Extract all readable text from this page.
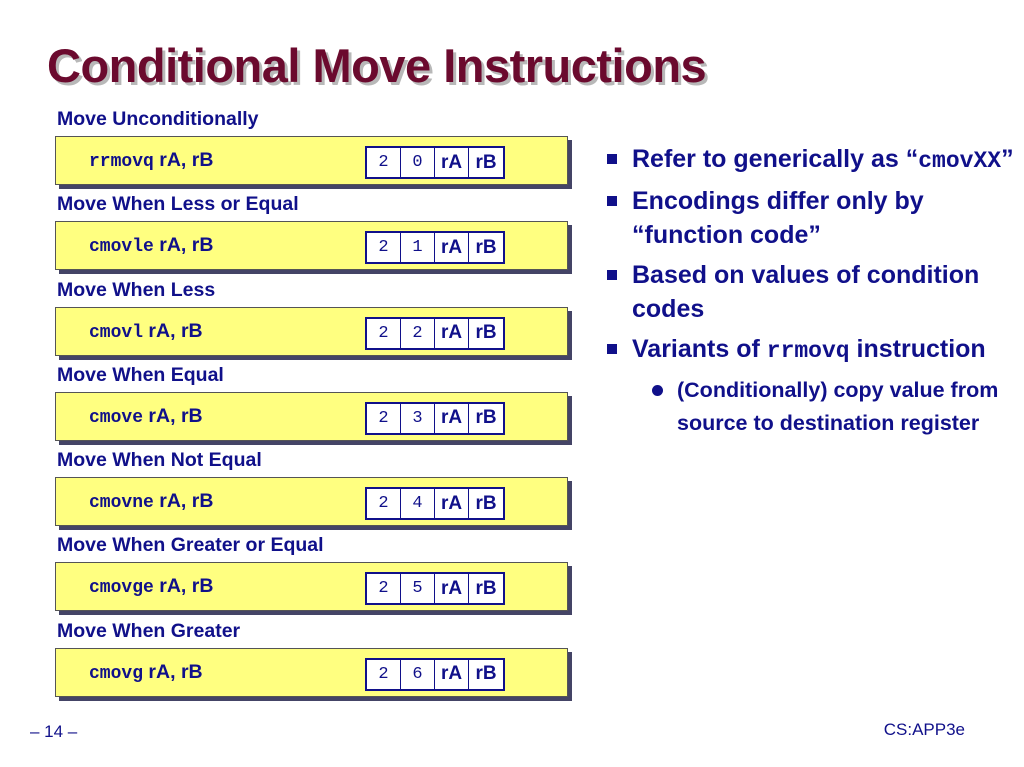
Conditional Move Instructions
Move Unconditionally
rrmovq rA, rB	2	0 rA rB
Move When Less or Equal
cmovle rA, rB	2	1 rA rB
Move When Less
cmovl rA, rB	2	2 rA rB
Move When Equal
cmove rA, rB	2	3 rA rB
Move When Not Equal
cmovne rA, rB	2	4 rA rB
Move When Greater or Equal
cmovge rA, rB	2	5 rA rB
Move When Greater
cmovg rA, rB	2	6 rA rB
Refer to generically as “cmovXX”
Encodings differ only by “function code”
Based on values of condition codes
Variants of rrmovq instruction
(Conditionally) copy value from source to destination register
– 14 –	CS:APP3e
